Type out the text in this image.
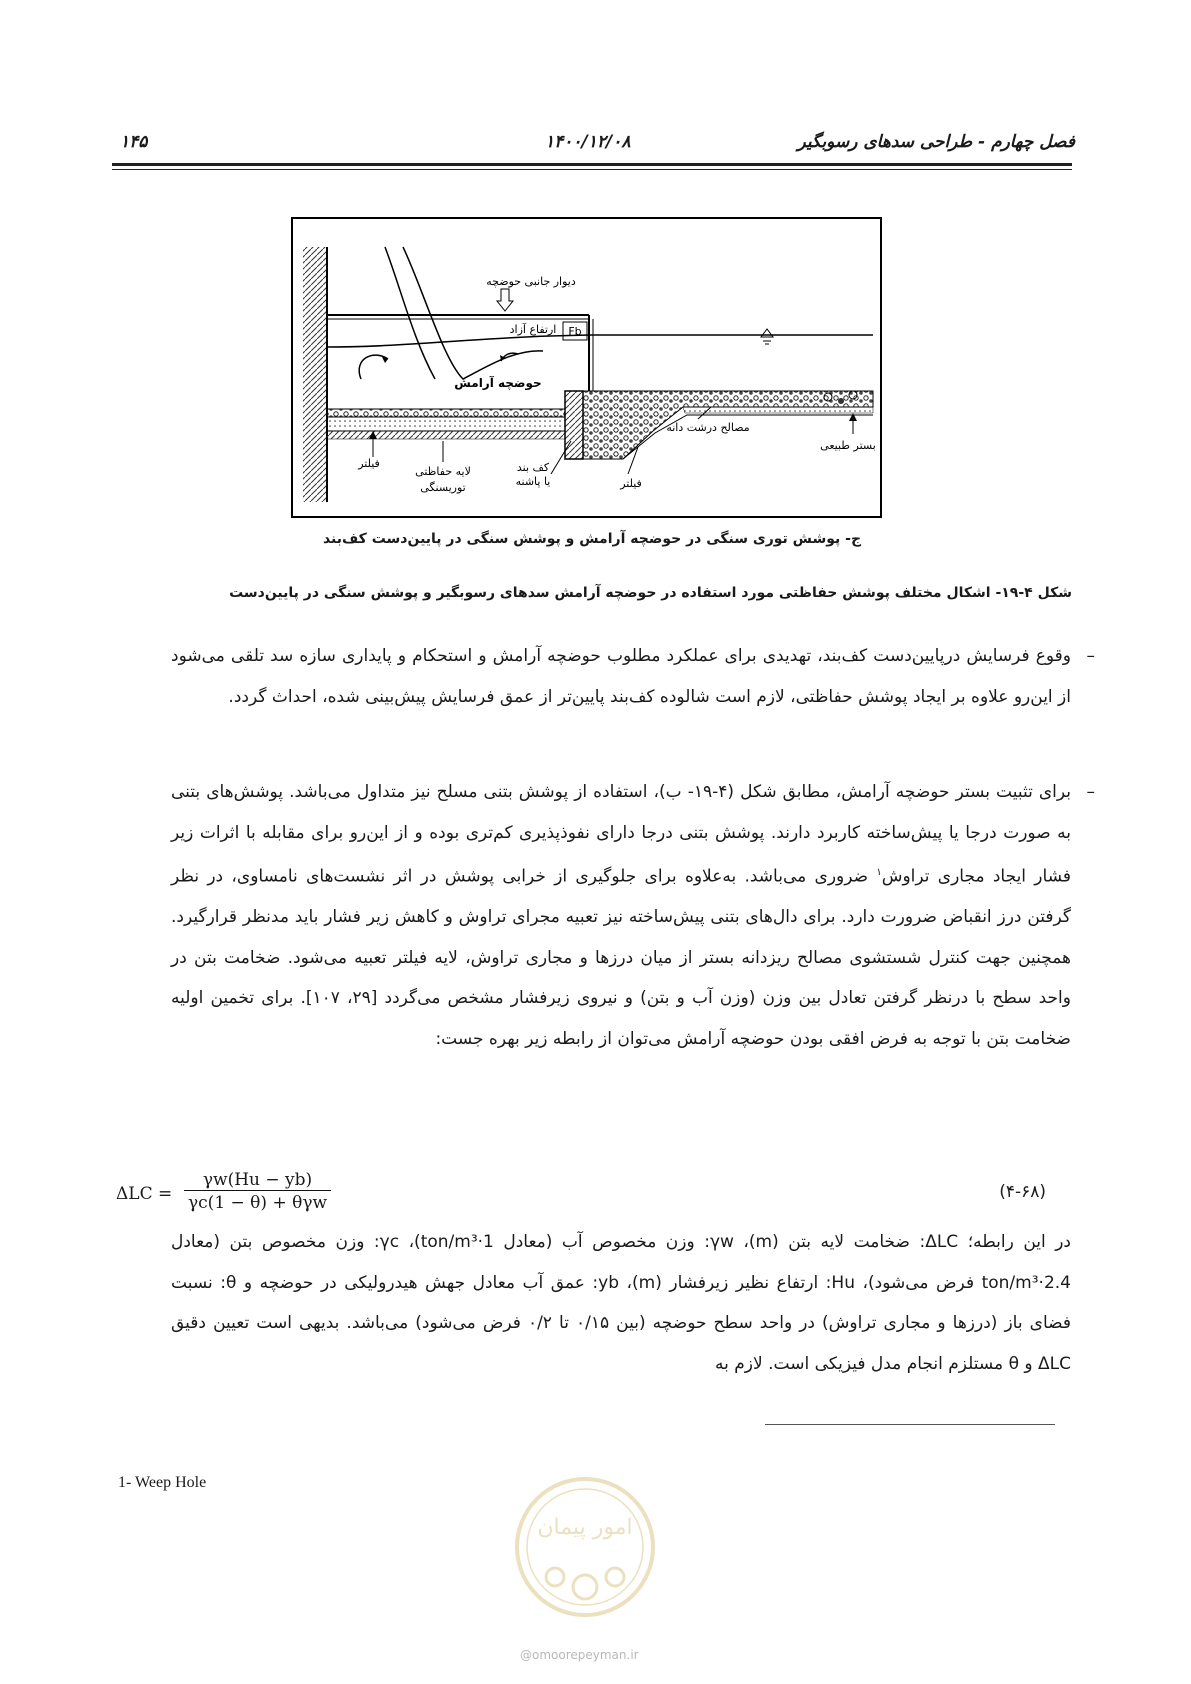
فصل چهارم - طراحی سدهای رسوبگیر
۱۴۰۰/۱۲/۰۸
۱۴۵
دیوار جانبی حوضچه
ارتفاع آزاد Fb
حوضچه آرامش
مصالح درشت دانه
بستر طبیعی
فیلتر
فیلتر
لایه حفاظتی
توریسنگی
کف بند
یا پاشنه
ج- پوشش توری سنگی در حوضچه آرامش و پوشش سنگی در پایین‌دست کف‌بند
شکل ۴-۱۹- اشکال مختلف پوشش حفاظتی مورد استفاده در حوضچه آرامش سدهای رسوبگیر و پوشش سنگی در پایین‌دست
–
وقوع فرسایش درپایین‌دست کف‌بند، تهدیدی برای عملکرد مطلوب حوضچه آرامش و استحکام و پایداری سازه سد تلقی می‌شود از این‌رو علاوه بر ایجاد پوشش حفاظتی، لازم است شالوده کف‌بند پایین‌تر از عمق فرسایش پیش‌بینی شده، احداث گردد.
–
برای تثبیت بستر حوضچه آرامش، مطابق شکل (۴-۱۹- ب)، استفاده از پوشش بتنی مسلح نیز متداول می‌باشد. پوشش‌های بتنی به صورت درجا یا پیش‌ساخته کاربرد دارند. پوشش بتنی درجا دارای نفوذپذیری کم‌تری بوده و از این‌رو برای مقابله با اثرات زیر فشار ایجاد مجاری تراوش$^۱$ ضروری می‌باشد. به‌علاوه برای جلوگیری از خرابی پوشش در اثر نشست‌های نامساوی، در نظر گرفتن درز انقباض ضرورت دارد. برای دال‌های بتنی پیش‌ساخته نیز تعبیه مجرای تراوش و کاهش زیر فشار باید مدنظر قرارگیرد. همچنین جهت کنترل شستشوی مصالح ریزدانه بستر از میان درزها و مجاری تراوش، لایه فیلتر تعبیه می‌شود. ضخامت بتن در واحد سطح با درنظر گرفتن تعادل بین وزن (وزن آب و بتن) و نیروی زیرفشار مشخص می‌گردد [۲۹، ۱۰۷]. برای تخمین اولیه ضخامت بتن با توجه به فرض افقی بودن حوضچه آرامش می‌توان از رابطه زیر بهره جست:
ΔLC =
γw(Hu − yb)
γc(1 − θ) + θγw
(۴-۶۸)
در این رابطه؛ ΔLC: ضخامت لایه بتن (m)، γw: وزن مخصوص آب (معادل 1·ton/m³)، γc: وزن مخصوص بتن (معادل 2.4·ton/m³ فرض می‌شود)، Hu: ارتفاع نظیر زیرفشار (m)، yb: عمق آب معادل جهش هیدرولیکی در حوضچه و θ: نسبت فضای باز (درزها و مجاری تراوش) در واحد سطح حوضچه (بین ۰/۱۵ تا ۰/۲ فرض می‌شود) می‌باشد. بدیهی است تعیین دقیق ΔLC و θ مستلزم انجام مدل فیزیکی است. لازم به
1- Weep Hole
امور پیمان
@omoorepeyman.ir
